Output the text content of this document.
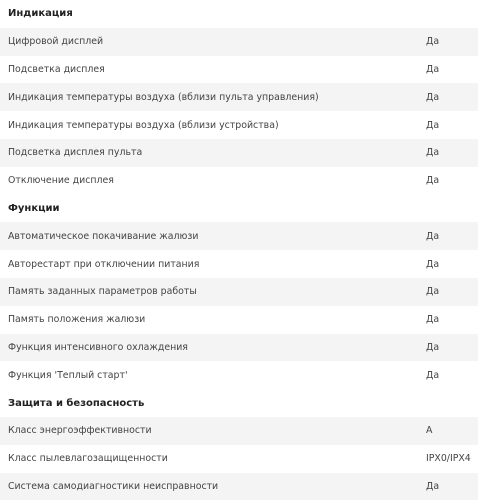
Индикация
Цифровой дисплей	Да
Подсветка дисплея	Да
Индикация температуры воздуха (вблизи пульта управления)	Да
Индикация температуры воздуха (вблизи устройства)	Да
Подсветка дисплея пульта	Да
Отключение дисплея	Да
Функции
Автоматическое покачивание жалюзи	Да
Авторестарт при отключении питания	Да
Память заданных параметров работы	Да
Память положения жалюзи	Да
Функция интенсивного охлаждения	Да
Функция 'Теплый старт'	Да
Защита и безопасность
Класс энергоэффективности	A
Класс пылевлагозащищенности	IPX0/IPX4
Система самодиагностики неисправности	Да
